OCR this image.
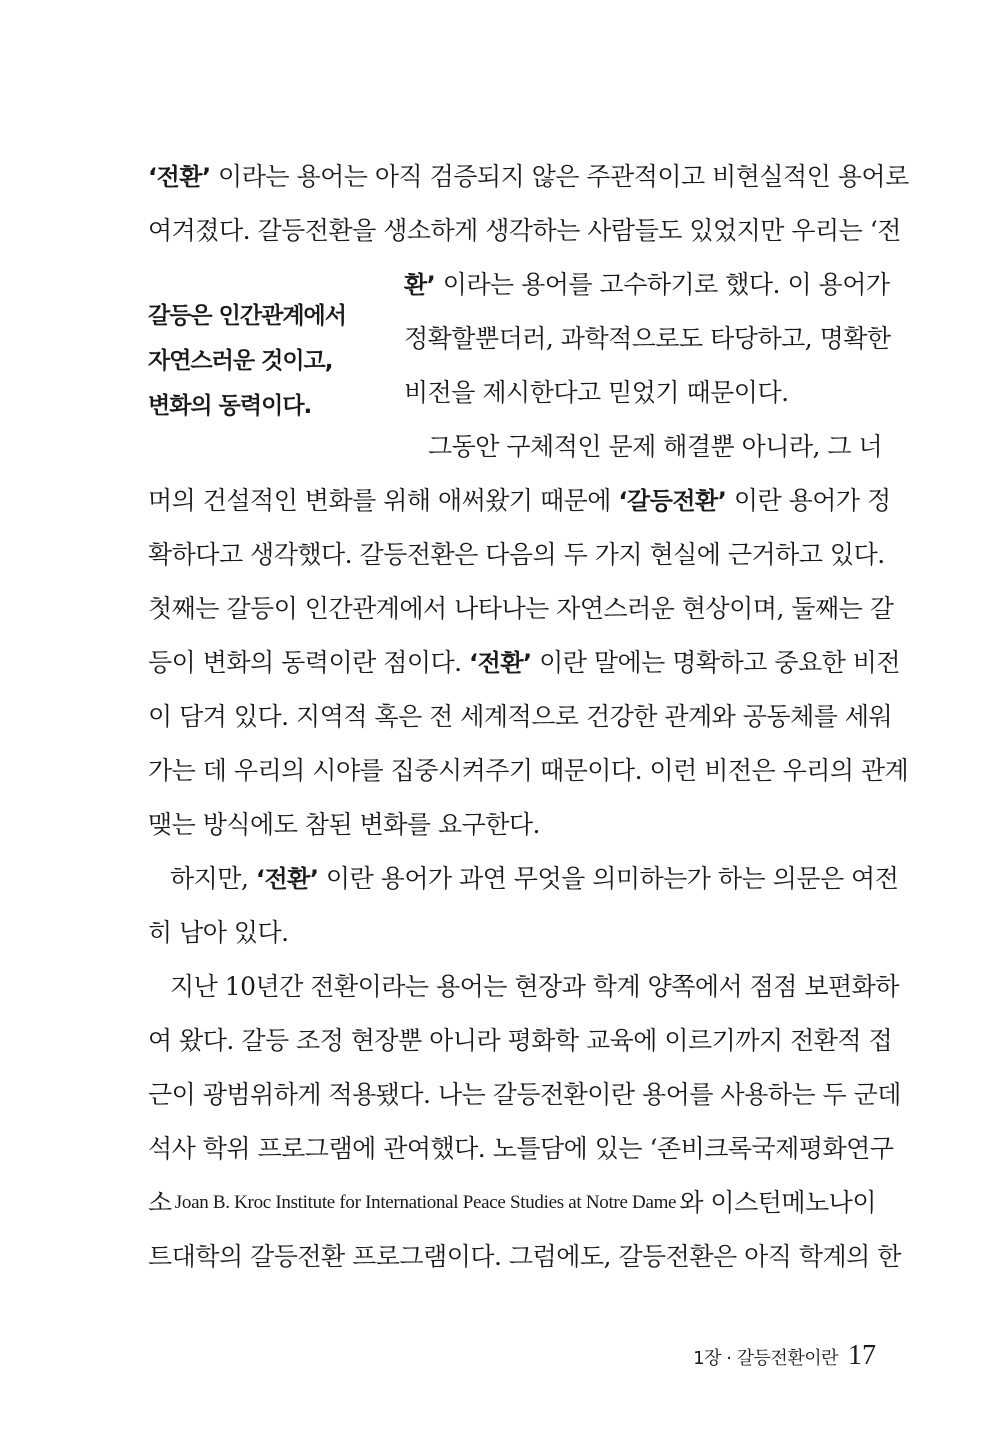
‘전환’ 이라는 용어는 아직 검증되지 않은 주관적이고 비현실적인 용어로
여겨졌다. 갈등전환을 생소하게 생각하는 사람들도 있었지만 우리는 ‘전
환’ 이라는 용어를 고수하기로 했다. 이 용어가
정확할뿐더러, 과학적으로도 타당하고, 명확한
비전을 제시한다고 믿었기 때문이다.
그동안 구체적인 문제 해결뿐 아니라, 그 너
머의 건설적인 변화를 위해 애써왔기 때문에 ‘갈등전환’ 이란 용어가 정
확하다고 생각했다. 갈등전환은 다음의 두 가지 현실에 근거하고 있다.
첫째는 갈등이 인간관계에서 나타나는 자연스러운 현상이며, 둘째는 갈
등이 변화의 동력이란 점이다. ‘전환’ 이란 말에는 명확하고 중요한 비전
이 담겨 있다. 지역적 혹은 전 세계적으로 건강한 관계와 공동체를 세워
가는 데 우리의 시야를 집중시켜주기 때문이다. 이런 비전은 우리의 관계
맺는 방식에도 참된 변화를 요구한다.
하지만, ‘전환’ 이란 용어가 과연 무엇을 의미하는가 하는 의문은 여전
히 남아 있다.
지난 10년간 전환이라는 용어는 현장과 학계 양쪽에서 점점 보편화하
여 왔다. 갈등 조정 현장뿐 아니라 평화학 교육에 이르기까지 전환적 접
근이 광범위하게 적용됐다. 나는 갈등전환이란 용어를 사용하는 두 군데
석사 학위 프로그램에 관여했다. 노틀담에 있는 ‘존비크록국제평화연구
소 Joan B. Kroc Institute for International Peace Studies at Notre Dame 와 이스턴메노나이
트대학의 갈등전환 프로그램이다. 그럼에도, 갈등전환은 아직 학계의 한
갈등은 인간관계에서
자연스러운 것이고,
변화의 동력이다.
1장 · 갈등전환이란 17
